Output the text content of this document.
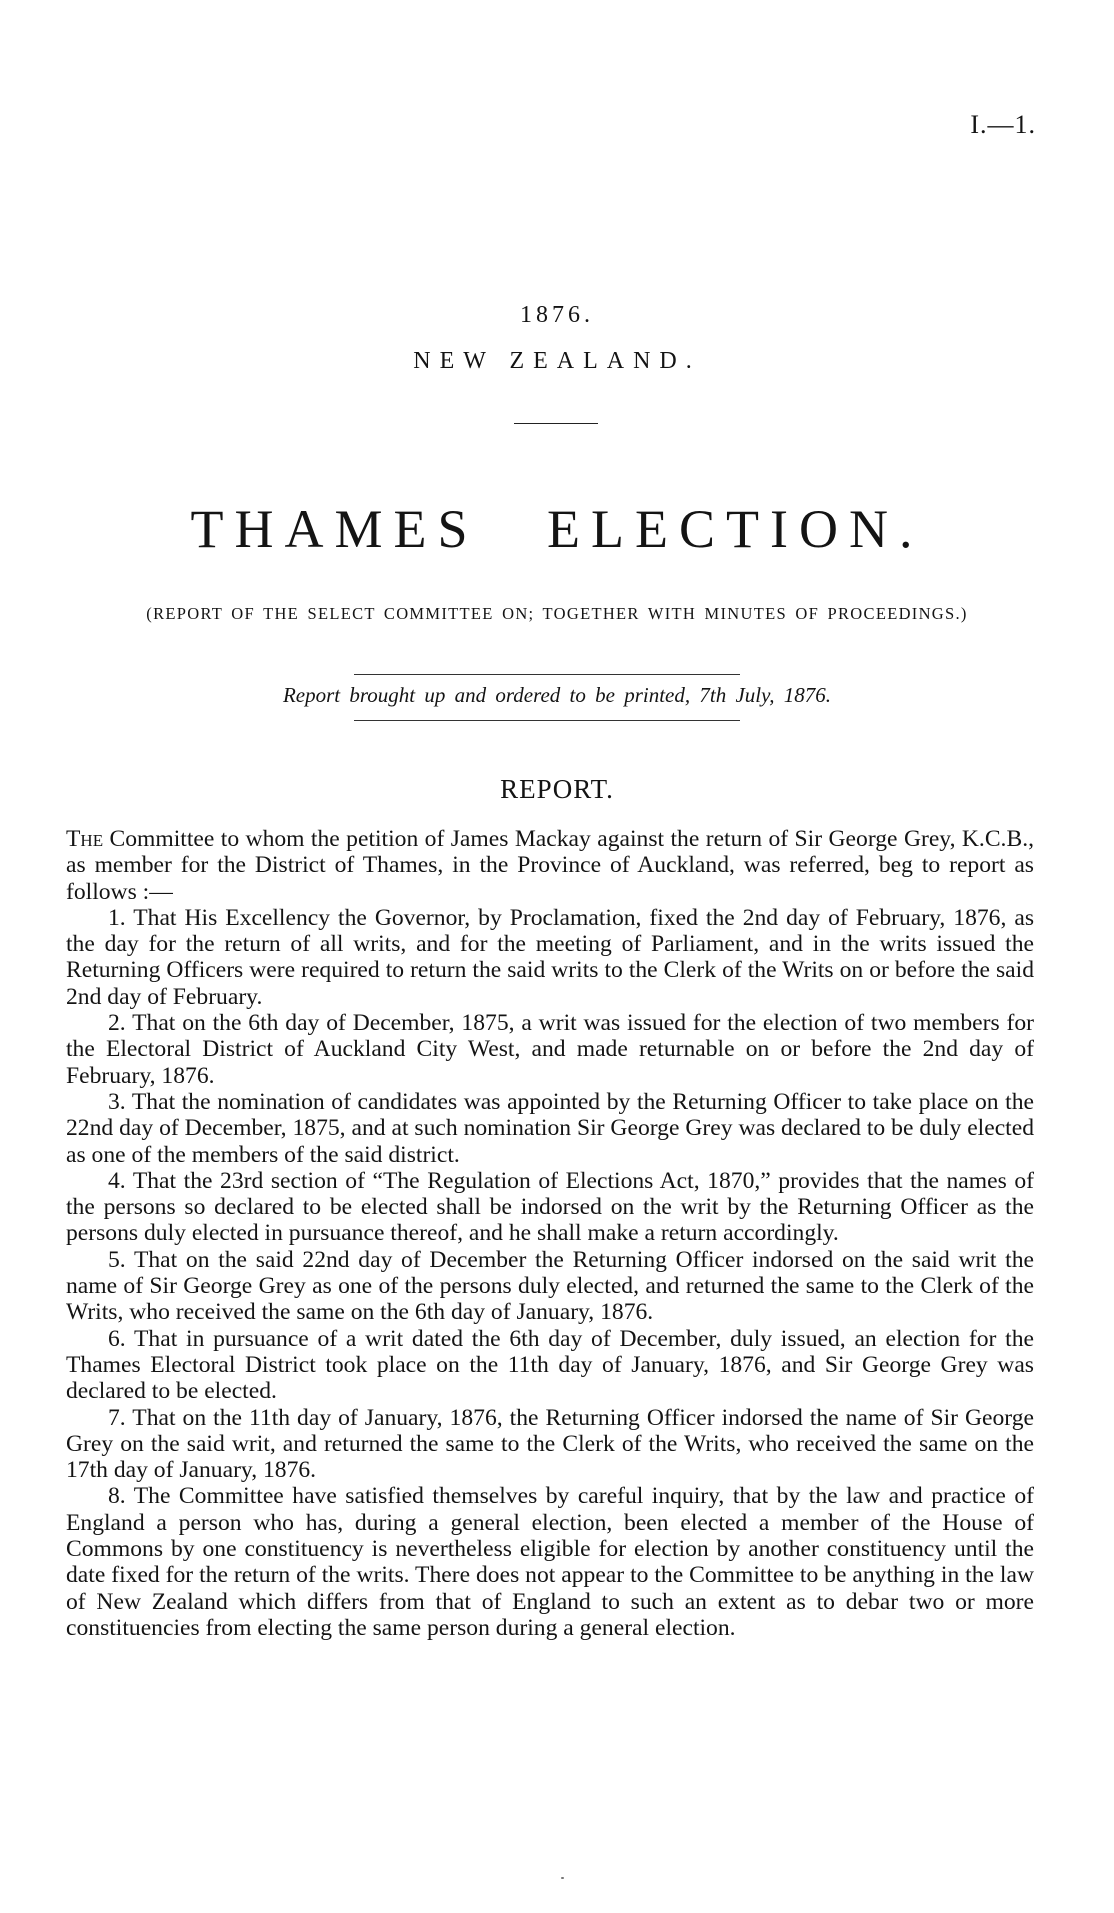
I.—1.
1876.
NEW ZEALAND.
THAMES ELECTION.
(REPORT OF THE SELECT COMMITTEE ON; TOGETHER WITH MINUTES OF PROCEEDINGS.)
Report brought up and ordered to be printed, 7th July, 1876.
REPORT.

The Committee to whom the petition of James Mackay against the return of Sir George Grey, K.C.B., as member for the District of Thames, in the Province of Auckland, was referred, beg to report as follows :—

1. That His Excellency the Governor, by Proclamation, fixed the 2nd day of February, 1876, as the day for the return of all writs, and for the meeting of Parliament, and in the writs issued the Returning Officers were required to return the said writs to the Clerk of the Writs on or before the said 2nd day of February.

2. That on the 6th day of December, 1875, a writ was issued for the election of two members for the Electoral District of Auckland City West, and made returnable on or before the 2nd day of February, 1876.

3. That the nomination of candidates was appointed by the Returning Officer to take place on the 22nd day of December, 1875, and at such nomination Sir George Grey was declared to be duly elected as one of the members of the said district.

4. That the 23rd section of “The Regulation of Elections Act, 1870,” provides that the names of the persons so declared to be elected shall be indorsed on the writ by the Returning Officer as the persons duly elected in pursuance thereof, and he shall make a return accordingly.

5. That on the said 22nd day of December the Returning Officer indorsed on the said writ the name of Sir George Grey as one of the persons duly elected, and returned the same to the Clerk of the Writs, who received the same on the 6th day of January, 1876.

6. That in pursuance of a writ dated the 6th day of December, duly issued, an election for the Thames Electoral District took place on the 11th day of January, 1876, and Sir George Grey was declared to be elected.

7. That on the 11th day of January, 1876, the Returning Officer indorsed the name of Sir George Grey on the said writ, and returned the same to the Clerk of the Writs, who received the same on the 17th day of January, 1876.

8. The Committee have satisfied themselves by careful inquiry, that by the law and practice of England a person who has, during a general election, been elected a member of the House of Commons by one constituency is nevertheless eligible for election by another constituency until the date fixed for the return of the writs. There does not appear to the Committee to be anything in the law of New Zealand which differs from that of England to such an extent as to debar two or more constituencies from electing the same person during a general election.
